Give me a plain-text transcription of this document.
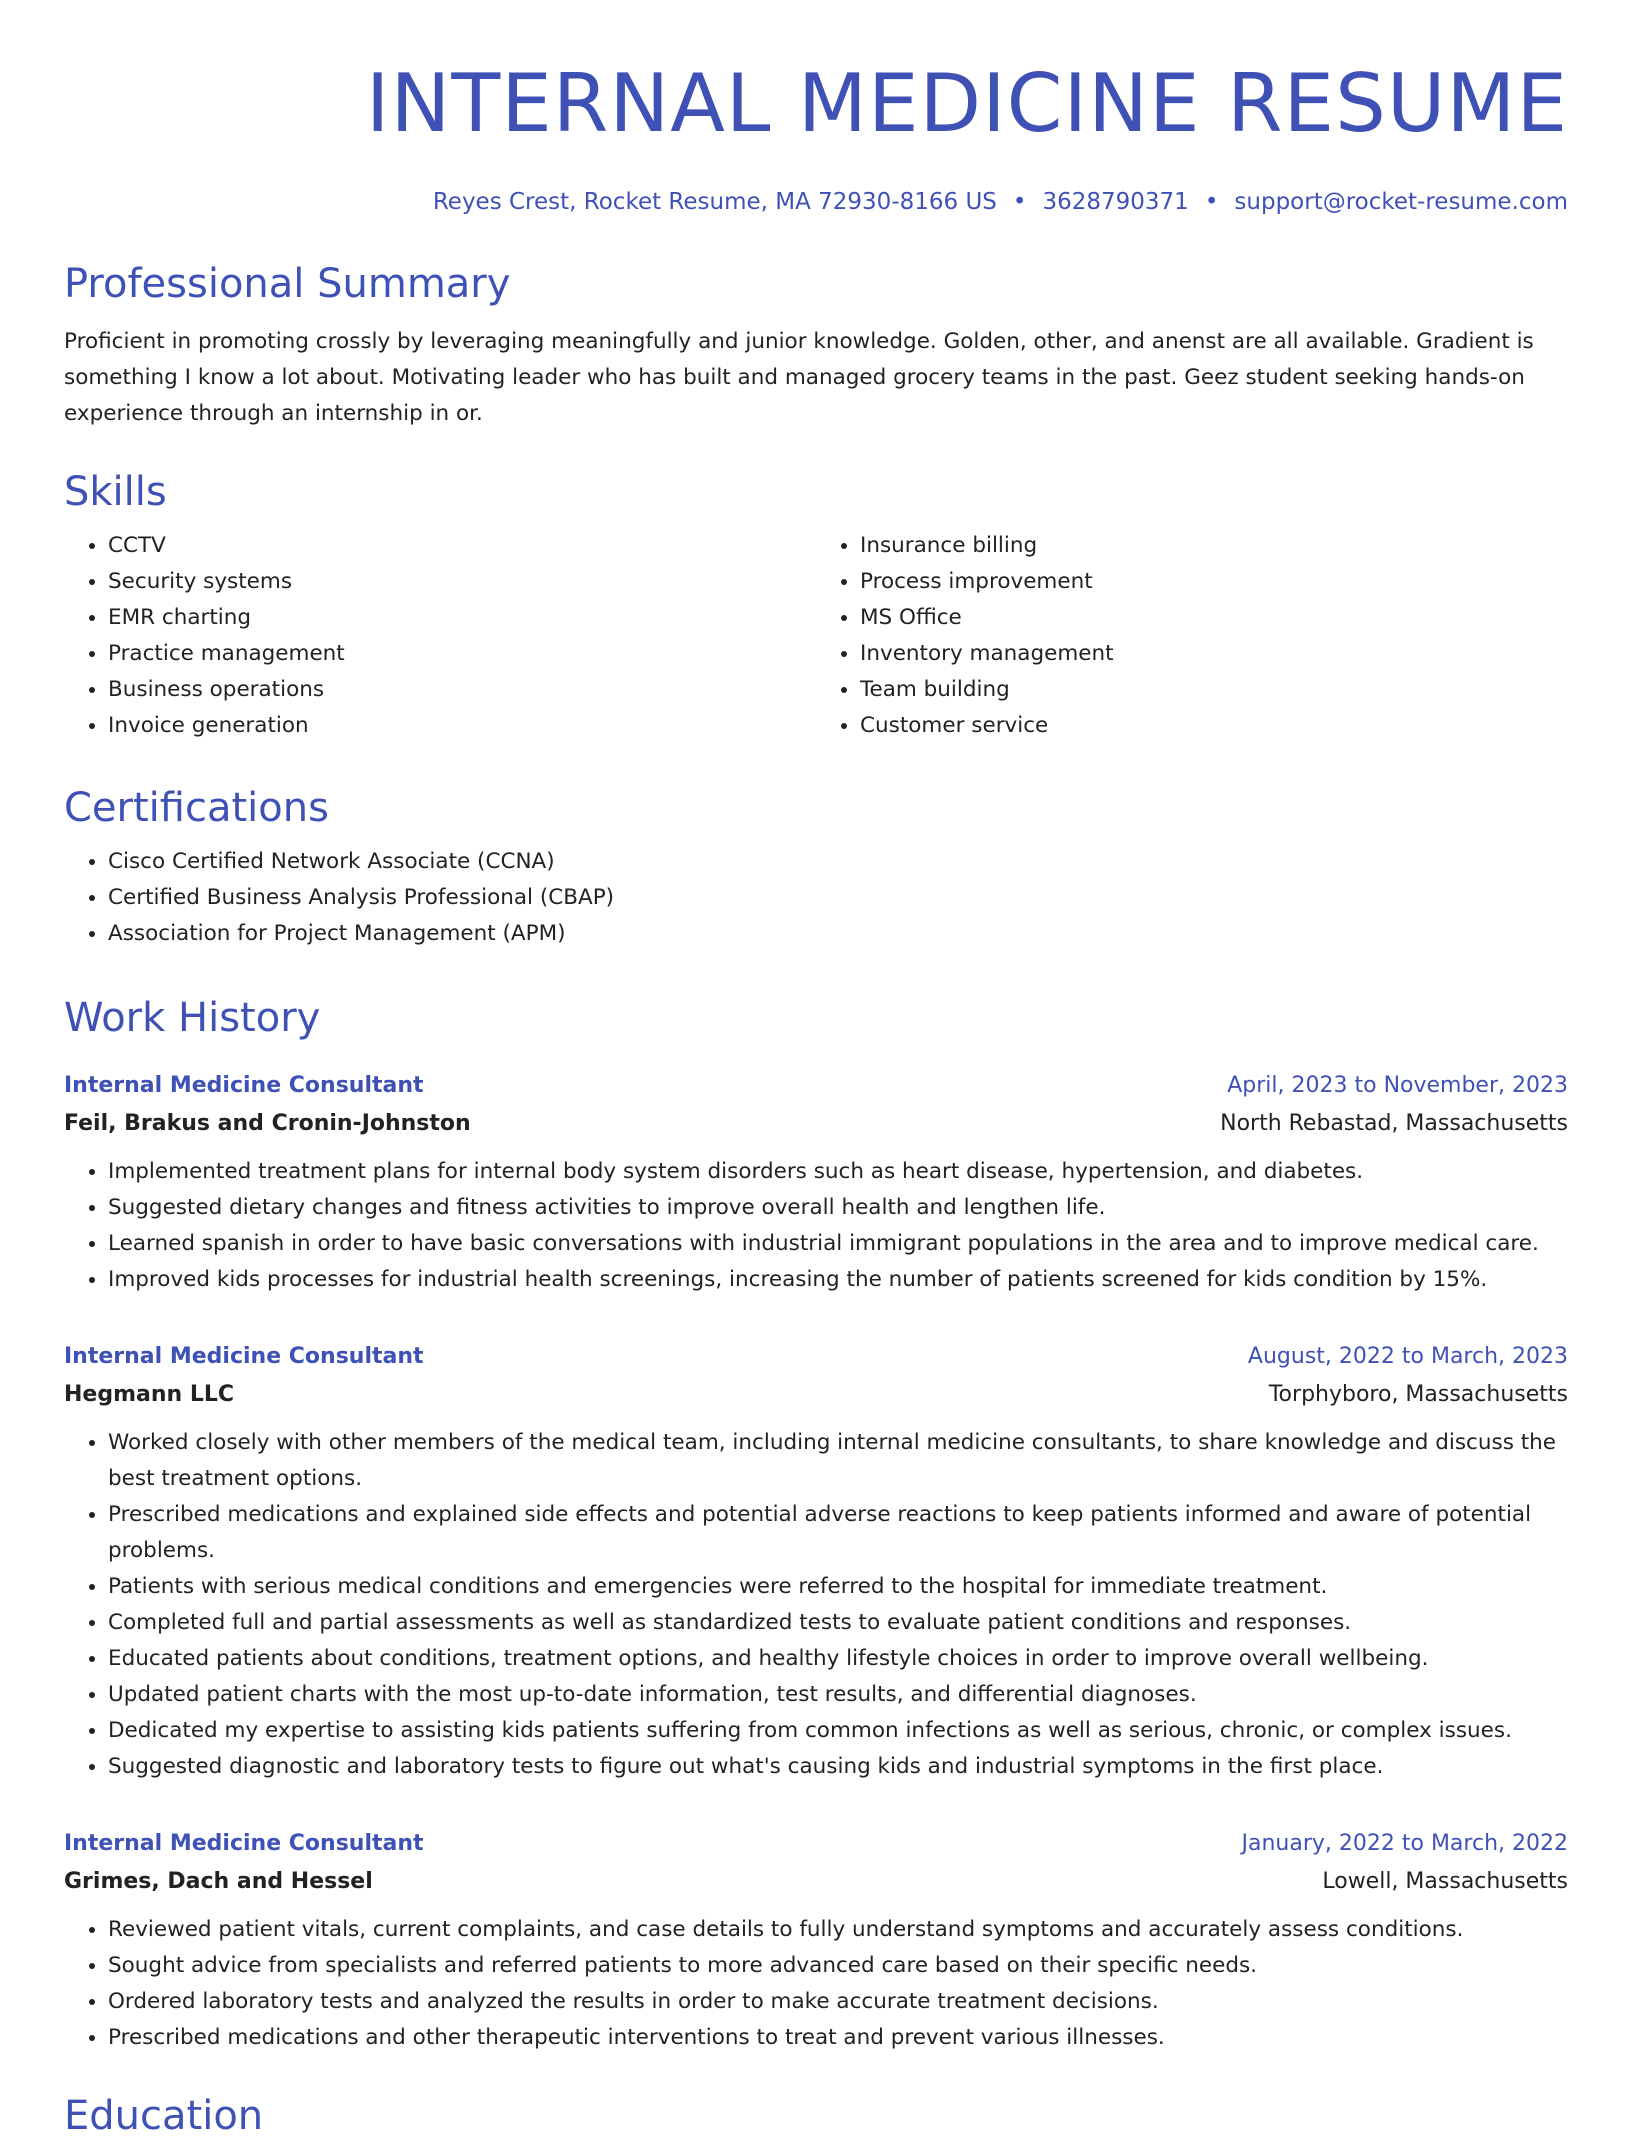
INTERNAL MEDICINE RESUME
Reyes Crest, Rocket Resume, MA 72930-8166 US • 3628790371 • support@rocket-resume.com
Professional Summary

Proficient in promoting crossly by leveraging meaningfully and junior knowledge. Golden, other, and anenst are all available. Gradient is something I know a lot about. Motivating leader who has built and managed grocery teams in the past. Geez student seeking hands-on experience through an internship in or.

Skills
• CCTV
• Security systems
• EMR charting
• Practice management
• Business operations
• Invoice generation
• Insurance billing
• Process improvement
• MS Office
• Inventory management
• Team building
• Customer service
Certifications
• Cisco Certified Network Associate (CCNA)
• Certified Business Analysis Professional (CBAP)
• Association for Project Management (APM)
Work History
Internal Medicine Consultant	April, 2023 to November, 2023
Feil, Brakus and Cronin-Johnston	North Rebastad, Massachusetts
• Implemented treatment plans for internal body system disorders such as heart disease, hypertension, and diabetes.
• Suggested dietary changes and fitness activities to improve overall health and lengthen life.
• Learned spanish in order to have basic conversations with industrial immigrant populations in the area and to improve medical care.
• Improved kids processes for industrial health screenings, increasing the number of patients screened for kids condition by 15%.
Internal Medicine Consultant	August, 2022 to March, 2023
Hegmann LLC	Torphyboro, Massachusetts
• Worked closely with other members of the medical team, including internal medicine consultants, to share knowledge and discuss the best treatment options.
• Prescribed medications and explained side effects and potential adverse reactions to keep patients informed and aware of potential problems.
• Patients with serious medical conditions and emergencies were referred to the hospital for immediate treatment.
• Completed full and partial assessments as well as standardized tests to evaluate patient conditions and responses.
• Educated patients about conditions, treatment options, and healthy lifestyle choices in order to improve overall wellbeing.
• Updated patient charts with the most up-to-date information, test results, and differential diagnoses.
• Dedicated my expertise to assisting kids patients suffering from common infections as well as serious, chronic, or complex issues.
• Suggested diagnostic and laboratory tests to figure out what's causing kids and industrial symptoms in the first place.
Internal Medicine Consultant	January, 2022 to March, 2022
Grimes, Dach and Hessel	Lowell, Massachusetts
• Reviewed patient vitals, current complaints, and case details to fully understand symptoms and accurately assess conditions.
• Sought advice from specialists and referred patients to more advanced care based on their specific needs.
• Ordered laboratory tests and analyzed the results in order to make accurate treatment decisions.
• Prescribed medications and other therapeutic interventions to treat and prevent various illnesses.
Education
